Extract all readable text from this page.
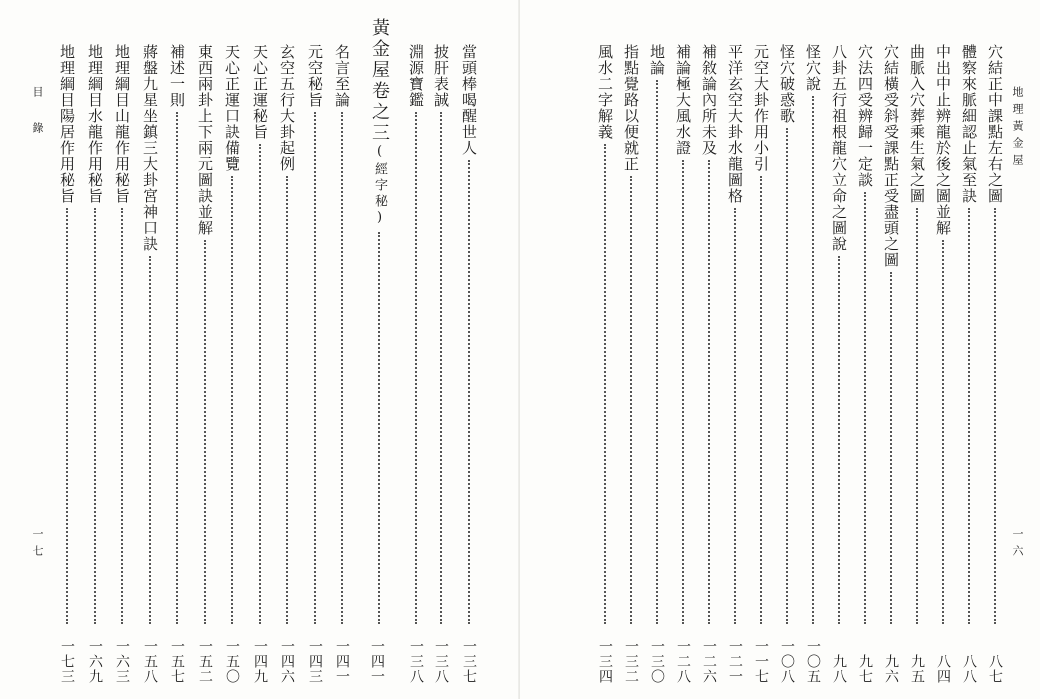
當頭棒喝醒世人
一三七
披肝表誠
一三八
淵源寶鑑
一三八
黃金屋卷之三(經字秘)
一四一
名言至論
一四一
元空秘旨
一四三
玄空五行大卦起例
一四六
天心正運秘旨
一四九
天心正運口訣備覽
一五〇
東西兩卦上下兩元圖訣並解
一五二
補述一則
一五七
蔣盤九星坐鎮三大卦宮神口訣
一五八
地理綱目山龍作用秘旨
一六三
地理綱目水龍作用秘旨
一六九
地理綱目陽居作用秘旨
一七三
目 錄
一七
穴結正中課點左右之圖
八七
體察來脈細認止氣至訣
八八
中出中止辨龍於後之圖並解
八四
曲脈入穴葬乘生氣之圖
九五
穴結橫受斜受課點正受盡頭之圖
九六
穴法四受辨歸一定談
九七
八卦五行祖根龍穴立命之圖說
九八
怪穴說
一〇五
怪穴破惑歌
一〇八
元空大卦作用小引
一一七
平洋玄空大卦水龍圖格
一二一
補敘論內所未及
一二六
補論極大風水證
一二八
地論
一三〇
指點覺路以便就正
一三二
風水二字解義
一三四
地理黃金屋
一六
